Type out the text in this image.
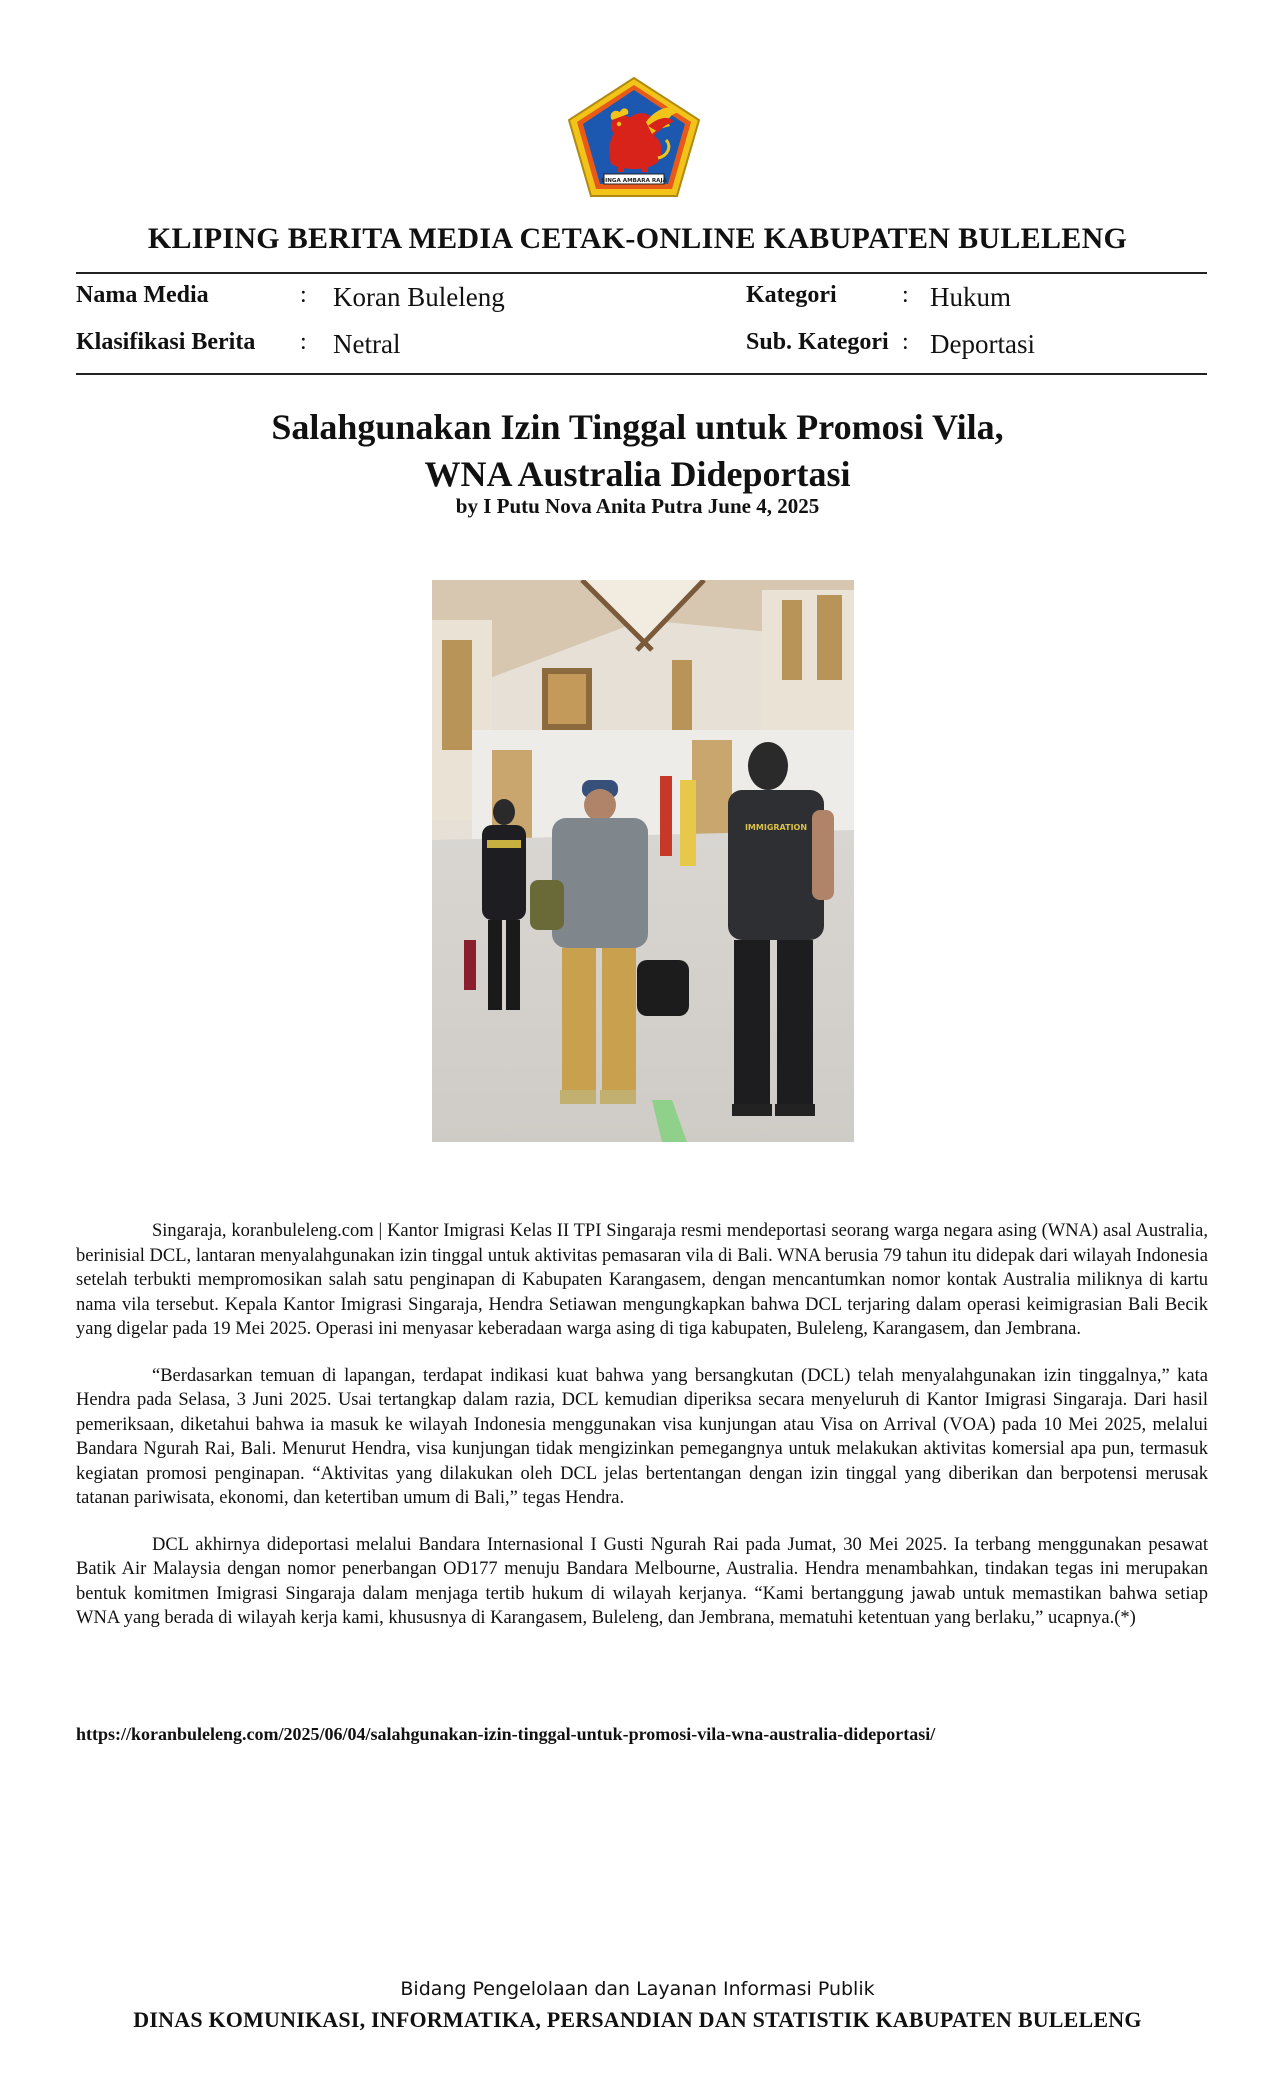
SINGA AMBARA RAJA
KLIPING BERITA MEDIA CETAK-ONLINE KABUPATEN BULELENG
Nama Media	: Koran Buleleng	Kategori	: Hukum
Klasifikasi Berita : Netral	Sub. Kategori : Deportasi
Salahgunakan Izin Tinggal untuk Promosi Vila,
WNA Australia Dideportasi
by I Putu Nova Anita Putra June 4, 2025
IMMIGRATION

Singaraja, koranbuleleng.com | Kantor Imigrasi Kelas II TPI Singaraja resmi mendeportasi seorang warga negara asing (WNA) asal Australia, berinisial DCL, lantaran menyalahgunakan izin tinggal untuk aktivitas pemasaran vila di Bali. WNA berusia 79 tahun itu didepak dari wilayah Indonesia setelah terbukti mempromosikan salah satu penginapan di Kabupaten Karangasem, dengan mencantumkan nomor kontak Australia miliknya di kartu nama vila tersebut. Kepala Kantor Imigrasi Singaraja, Hendra Setiawan mengungkapkan bahwa DCL terjaring dalam operasi keimigrasian Bali Becik yang digelar pada 19 Mei 2025. Operasi ini menyasar keberadaan warga asing di tiga kabupaten, Buleleng, Karangasem, dan Jembrana.

“Berdasarkan temuan di lapangan, terdapat indikasi kuat bahwa yang bersangkutan (DCL) telah menyalahgunakan izin tinggalnya,” kata Hendra pada Selasa, 3 Juni 2025. Usai tertangkap dalam razia, DCL kemudian diperiksa secara menyeluruh di Kantor Imigrasi Singaraja. Dari hasil pemeriksaan, diketahui bahwa ia masuk ke wilayah Indonesia menggunakan visa kunjungan atau Visa on Arrival (VOA) pada 10 Mei 2025, melalui Bandara Ngurah Rai, Bali. Menurut Hendra, visa kunjungan tidak mengizinkan pemegangnya untuk melakukan aktivitas komersial apa pun, termasuk kegiatan promosi penginapan. “Aktivitas yang dilakukan oleh DCL jelas bertentangan dengan izin tinggal yang diberikan dan berpotensi merusak tatanan pariwisata, ekonomi, dan ketertiban umum di Bali,” tegas Hendra.

DCL akhirnya dideportasi melalui Bandara Internasional I Gusti Ngurah Rai pada Jumat, 30 Mei 2025. Ia terbang menggunakan pesawat Batik Air Malaysia dengan nomor penerbangan OD177 menuju Bandara Melbourne, Australia. Hendra menambahkan, tindakan tegas ini merupakan bentuk komitmen Imigrasi Singaraja dalam menjaga tertib hukum di wilayah kerjanya. “Kami bertanggung jawab untuk memastikan bahwa setiap WNA yang berada di wilayah kerja kami, khususnya di Karangasem, Buleleng, dan Jembrana, mematuhi ketentuan yang berlaku,” ucapnya.(*)

https://koranbuleleng.com/2025/06/04/salahgunakan-izin-tinggal-untuk-promosi-vila-wna-australia-dideportasi/
Bidang Pengelolaan dan Layanan Informasi Publik
DINAS KOMUNIKASI, INFORMATIKA, PERSANDIAN DAN STATISTIK KABUPATEN BULELENG
